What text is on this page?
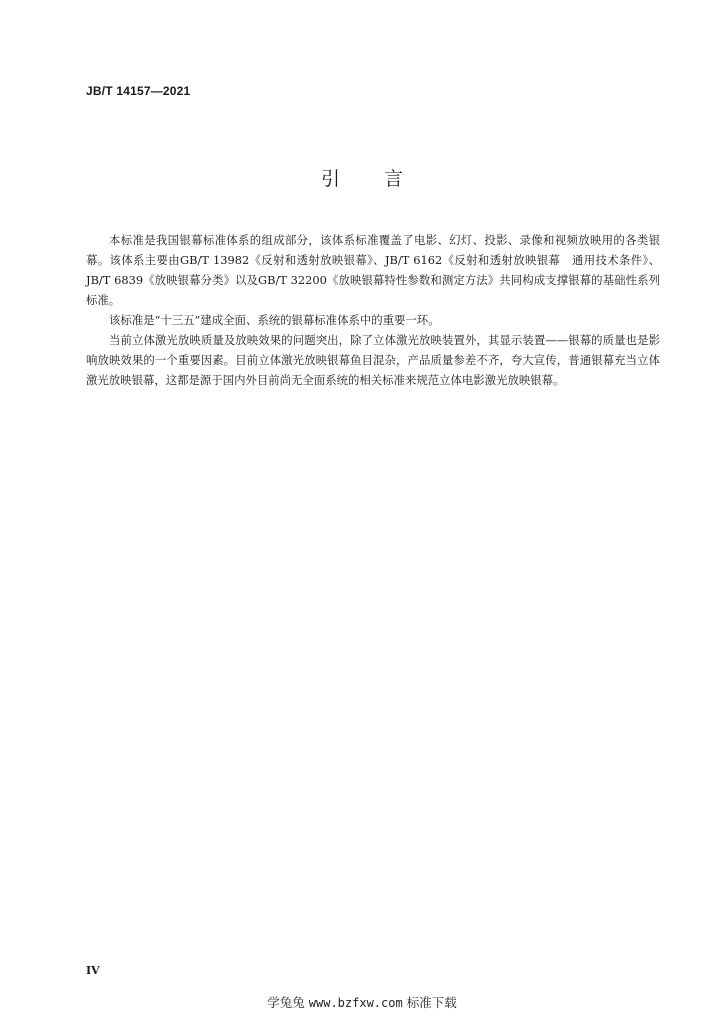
JB/T 14157—2021
引 言

本标准是我国银幕标准体系的组成部分，该体系标准覆盖了电影、幻灯、投影、录像和视频放映用的各类银幕。该体系主要由GB/T 13982《反射和透射放映银幕》、JB/T 6162《反射和透射放映银幕　通用技术条件》、JB/T 6839《放映银幕分类》以及GB/T 32200《放映银幕特性参数和测定方法》共同构成支撑银幕的基础性系列标准。

该标准是“十三五”建成全面、系统的银幕标准体系中的重要一环。

当前立体激光放映质量及放映效果的问题突出，除了立体激光放映装置外，其显示装置——银幕的质量也是影响放映效果的一个重要因素。目前立体激光放映银幕鱼目混杂，产品质量参差不齐，夸大宣传，普通银幕充当立体激光放映银幕，这都是源于国内外目前尚无全面系统的相关标准来规范立体电影激光放映银幕。

IV
学兔兔 www.bzfxw.com 标准下载
